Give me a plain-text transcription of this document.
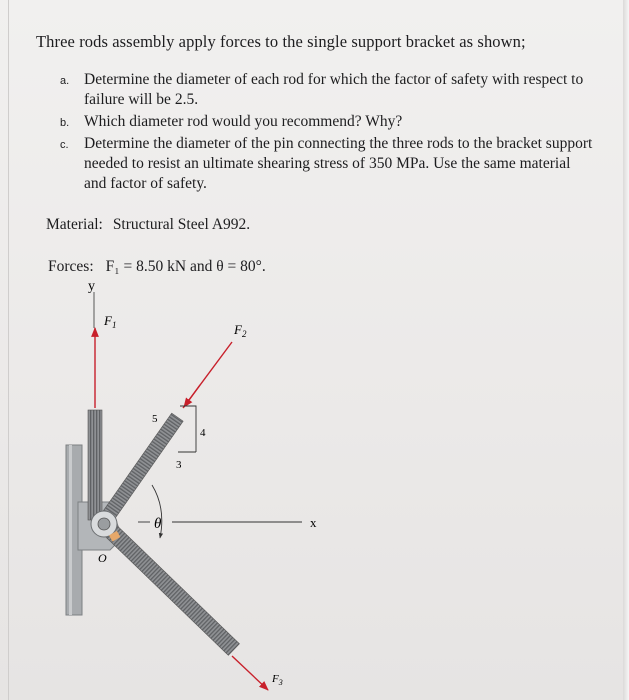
Three rods assembly apply forces to the single support bracket as shown;
a. Determine the diameter of each rod for which the factor of safety with respect to failure will be 2.5.
b. Which diameter rod would you recommend? Why?
c. Determine the diameter of the pin connecting the three rods to the bracket support needed to resist an ultimate shearing stress of 350 MPa. Use the same material and factor of safety.
Material: Structural Steel A992.
Forces: F₁ = 8.50 kN and θ = 80°.
y
x
$F_1$	$F_2$
$F_3$
5
4
3
θ
O
